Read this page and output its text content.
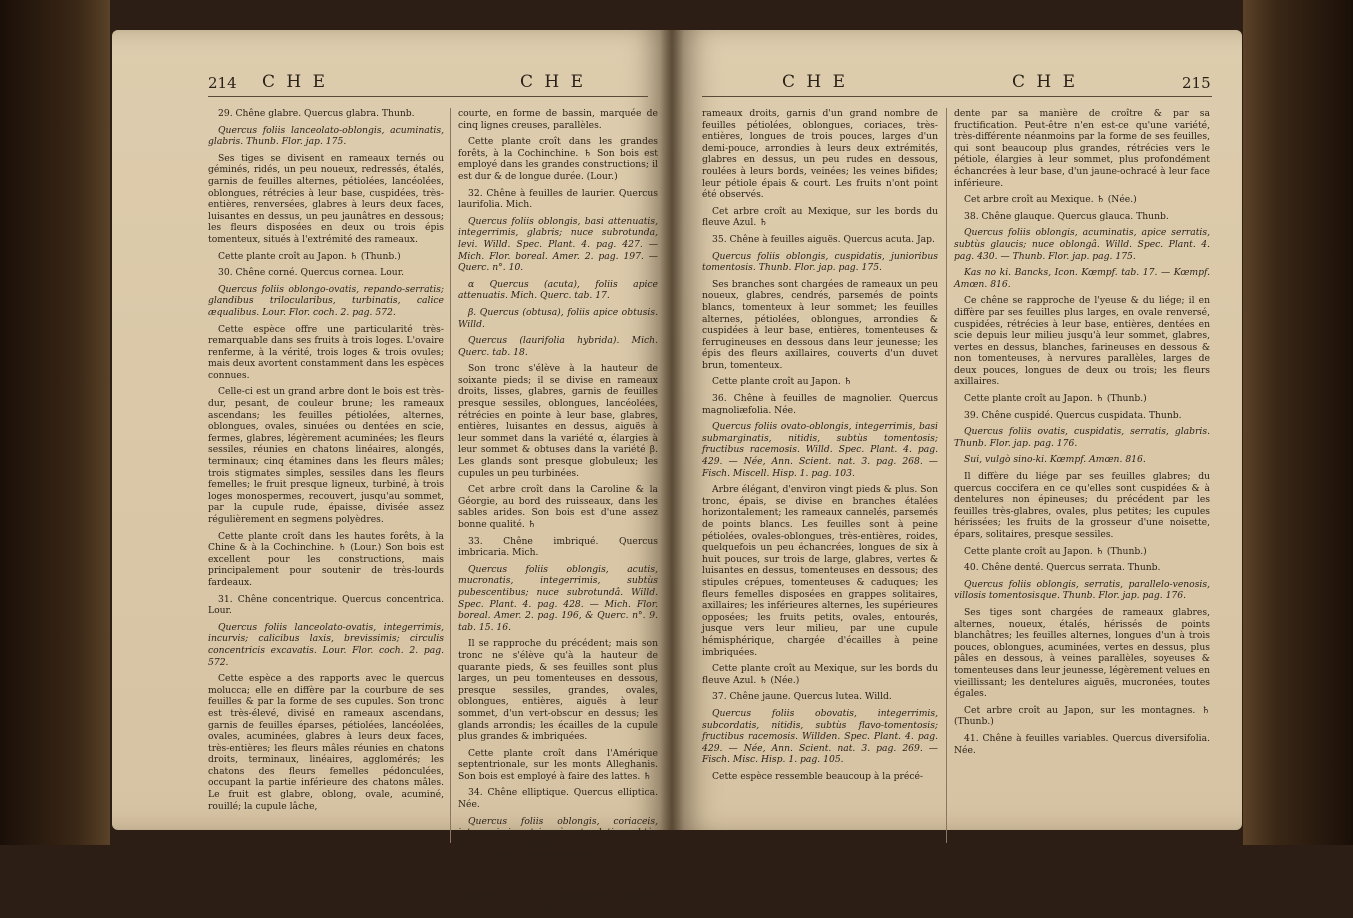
214 C H E	C H E

29. Chêne glabre. Quercus glabra. Thunb.

Quercus foliis lanceolato-oblongis, acuminatis, glabris. Thunb. Flor. jap. 175.

Ses tiges se divisent en rameaux ternés ou géminés, ridés, un peu noueux, redressés, étalés, garnis de feuilles alternes, pétiolées, lancéolées, oblongues, rétrécies à leur base, cuspidées, très-entières, renversées, glabres à leurs deux faces, luisantes en dessus, un peu jaunâtres en dessous; les fleurs disposées en deux ou trois épis tomenteux, situés à l'extrémité des rameaux.

Cette plante croît au Japon. ♄ (Thunb.)

30. Chêne corné. Quercus cornea. Lour.

Quercus foliis oblongo-ovatis, repando-serratis; glandibus trilocularibus, turbinatis, calice æqualibus. Lour. Flor. coch. 2. pag. 572.

Cette espèce offre une particularité très-remarquable dans ses fruits à trois loges. L'ovaire renferme, à la vérité, trois loges & trois ovules; mais deux avortent constamment dans les espèces connues.

Celle-ci est un grand arbre dont le bois est très-dur, pesant, de couleur brune; les rameaux ascendans; les feuilles pétiolées, alternes, oblongues, ovales, sinuées ou dentées en scie, fermes, glabres, légèrement acuminées; les fleurs sessiles, réunies en chatons linéaires, alongés, terminaux; cinq étamines dans les fleurs mâles; trois stigmates simples, sessiles dans les fleurs femelles; le fruit presque ligneux, turbiné, à trois loges monospermes, recouvert, jusqu'au sommet, par la cupule rude, épaisse, divisée assez régulièrement en segmens polyèdres.

Cette plante croît dans les hautes forêts, à la Chine & à la Cochinchine. ♄ (Lour.) Son bois est excellent pour les constructions, mais principalement pour soutenir de très-lourds fardeaux.

31. Chêne concentrique. Quercus concentrica. Lour.

Quercus foliis lanceolato-ovatis, integerrimis, incurvis; calicibus laxis, brevissimis; circulis concentricis excavatis. Lour. Flor. coch. 2. pag. 572.

Cette espèce a des rapports avec le quercus molucca; elle en diffère par la courbure de ses feuilles & par la forme de ses cupules. Son tronc est très-élevé, divisé en rameaux ascendans, garnis de feuilles éparses, pétiolées, lancéolées, ovales, acuminées, glabres à leurs deux faces, très-entières; les fleurs mâles réunies en chatons droits, terminaux, linéaires, agglomérés; les chatons des fleurs femelles pédonculées, occupant la partie inférieure des chatons mâles. Le fruit est glabre, oblong, ovale, acuminé, rouillé; la cupule lâche,

courte, en forme de bassin, marquée de cinq lignes creuses, parallèles.

Cette plante croît dans les grandes forêts, à la Cochinchine. ♄ Son bois est employé dans les grandes constructions; il est dur & de longue durée. (Lour.)

32. Chêne à feuilles de laurier. Quercus laurifolia. Mich.

Quercus foliis oblongis, basi attenuatis, integerrimis, glabris; nuce subrotunda, levi. Willd. Spec. Plant. 4. pag. 427. — Mich. Flor. boreal. Amer. 2. pag. 197. — Querc. n°. 10.

α Quercus (acuta), foliis apice attenuatis. Mich. Querc. tab. 17.

β. Quercus (obtusa), foliis apice obtusis. Willd.

Quercus (laurifolia hybrida). Mich. Querc. tab. 18.

Son tronc s'élève à la hauteur de soixante pieds; il se divise en rameaux droits, lisses, glabres, garnis de feuilles presque sessiles, oblongues, lancéolées, rétrécies en pointe à leur base, glabres, entières, luisantes en dessus, aiguës à leur sommet dans la variété α, élargies à leur sommet & obtuses dans la variété β. Les glands sont presque globuleux; les cupules un peu turbinées.

Cet arbre croît dans la Caroline & la Géorgie, au bord des ruisseaux, dans les sables arides. Son bois est d'une assez bonne qualité. ♄

33. Chêne imbriqué. Quercus imbricaria. Mich.

Quercus foliis oblongis, acutis, mucronatis, integerrimis, subtùs pubescentibus; nuce subrotundâ. Willd. Spec. Plant. 4. pag. 428. — Mich. Flor. boreal. Amer. 2. pag. 196, & Querc. n°. 9. tab. 15. 16.

Il se rapproche du précédent; mais son tronc ne s'élève qu'à la hauteur de quarante pieds, & ses feuilles sont plus larges, un peu tomenteuses en dessous, presque sessiles, grandes, ovales, oblongues, entières, aiguës à leur sommet, d'un vert-obscur en dessus; les glands arrondis; les écailles de la cupule plus grandes & imbriquées.

Cette plante croît dans l'Amérique septentrionale, sur les monts Alleghanis. Son bois est employé à faire des lattes. ♄

34. Chêne elliptique. Quercus elliptica. Née.

Quercus foliis oblongis, coriaceis, integerrimis, utrinquè rotundatis, subtùs scabriusculis. Willd. Spec. Plant. 4. pag. 428. — Née, Ann. Scient. nat. 3. pag. 278. — Fisch. Miscell. Hisp. 1. pag. 117.

Son tronc est épais, revêtu d'une écorce cendrée; ses branches étalées horizontalement; ses

C H E	C H E	215

rameaux droits, garnis d'un grand nombre de feuilles pétiolées, oblongues, coriaces, très-entières, longues de trois pouces, larges d'un demi-pouce, arrondies à leurs deux extrémités, glabres en dessus, un peu rudes en dessous, roulées à leurs bords, veinées; les veines bifides; leur pétiole épais & court. Les fruits n'ont point été observés.

Cet arbre croît au Mexique, sur les bords du fleuve Azul. ♄

35. Chêne à feuilles aiguës. Quercus acuta. Jap.

Quercus foliis oblongis, cuspidatis, junioribus tomentosis. Thunb. Flor. jap. pag. 175.

Ses branches sont chargées de rameaux un peu noueux, glabres, cendrés, parsemés de points blancs, tomenteux à leur sommet; les feuilles alternes, pétiolées, oblongues, arrondies & cuspidées à leur base, entières, tomenteuses & ferrugineuses en dessous dans leur jeunesse; les épis des fleurs axillaires, couverts d'un duvet brun, tomenteux.

Cette plante croît au Japon. ♄

36. Chêne à feuilles de magnolier. Quercus magnoliæfolia. Née.

Quercus foliis ovato-oblongis, integerrimis, basi submarginatis, nitidis, subtùs tomentosis; fructibus racemosis. Willd. Spec. Plant. 4. pag. 429. — Née, Ann. Scient. nat. 3. pag. 268. — Fisch. Miscell. Hisp. 1. pag. 103.

Arbre élégant, d'environ vingt pieds & plus. Son tronc, épais, se divise en branches étalées horizontalement; les rameaux cannelés, parsemés de points blancs. Les feuilles sont à peine pétiolées, ovales-oblongues, très-entières, roides, quelquefois un peu échancrées, longues de six à huit pouces, sur trois de large, glabres, vertes & luisantes en dessus, tomenteuses en dessous; des stipules crépues, tomenteuses & caduques; les fleurs femelles disposées en grappes solitaires, axillaires; les inférieures alternes, les supérieures opposées; les fruits petits, ovales, entourés, jusque vers leur milieu, par une cupule hémisphérique, chargée d'écailles à peine imbriquées.

Cette plante croît au Mexique, sur les bords du fleuve Azul. ♄ (Née.)

37. Chêne jaune. Quercus lutea. Willd.

Quercus foliis obovatis, integerrimis, subcordatis, nitidis, subtùs flavo-tomentosis; fructibus racemosis. Willden. Spec. Plant. 4. pag. 429. — Née, Ann. Scient. nat. 3. pag. 269. — Fisch. Misc. Hisp. 1. pag. 105.

Cette espèce ressemble beaucoup à la précé-

dente par sa manière de croître & par sa fructification. Peut-être n'en est-ce qu'une variété, très-différente néanmoins par la forme de ses feuilles, qui sont beaucoup plus grandes, rétrécies vers le pétiole, élargies à leur sommet, plus profondément échancrées à leur base, d'un jaune-ochracé à leur face inférieure.

Cet arbre croît au Mexique. ♄ (Née.)

38. Chêne glauque. Quercus glauca. Thunb.

Quercus foliis oblongis, acuminatis, apice serratis, subtùs glaucis; nuce oblongâ. Willd. Spec. Plant. 4. pag. 430. — Thunb. Flor. jap. pag. 175.

Kas no ki. Bancks, Icon. Kœmpf. tab. 17. — Kœmpf. Amœn. 816.

Ce chêne se rapproche de l'yeuse & du liége; il en diffère par ses feuilles plus larges, en ovale renversé, cuspidées, rétrécies à leur base, entières, dentées en scie depuis leur milieu jusqu'à leur sommet, glabres, vertes en dessus, blanches, farineuses en dessous & non tomenteuses, à nervures parallèles, larges de deux pouces, longues de deux ou trois; les fleurs axillaires.

Cette plante croît au Japon. ♄ (Thunb.)

39. Chêne cuspidé. Quercus cuspidata. Thunb.

Quercus foliis ovatis, cuspidatis, serratis, glabris. Thunb. Flor. jap. pag. 176.

Sui, vulgò sino-ki. Kœmpf. Amœn. 816.

Il diffère du liége par ses feuilles glabres; du quercus coccifera en ce qu'elles sont cuspidées & à dentelures non épineuses; du précédent par les feuilles très-glabres, ovales, plus petites; les cupules hérissées; les fruits de la grosseur d'une noisette, épars, solitaires, presque sessiles.

Cette plante croît au Japon. ♄ (Thunb.)

40. Chêne denté. Quercus serrata. Thunb.

Quercus foliis oblongis, serratis, parallelo-venosis, villosis tomentosisque. Thunb. Flor. jap. pag. 176.

Ses tiges sont chargées de rameaux glabres, alternes, noueux, étalés, hérissés de points blanchâtres; les feuilles alternes, longues d'un à trois pouces, oblongues, acuminées, vertes en dessus, plus pâles en dessous, à veines parallèles, soyeuses & tomenteuses dans leur jeunesse, légèrement velues en vieillissant; les dentelures aiguës, mucronées, toutes égales.

Cet arbre croît au Japon, sur les montagnes. ♄ (Thunb.)

41. Chêne à feuilles variables. Quercus diversifolia. Née.
